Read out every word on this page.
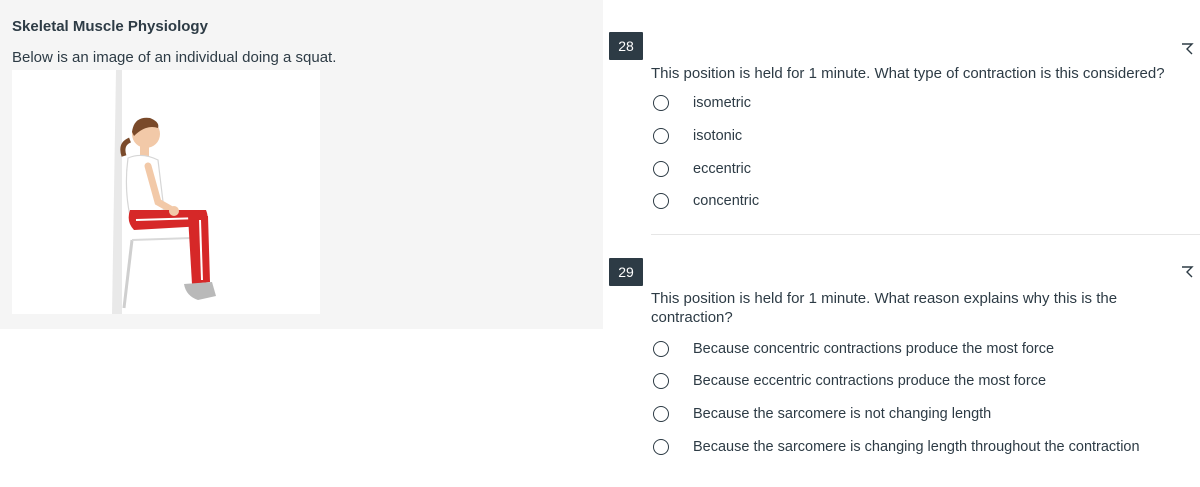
Skeletal Muscle Physiology
Below is an image of an individual doing a squat.
28
This position is held for 1 minute. What type of contraction is this considered?
isometric
isotonic
eccentric
concentric
29
This position is held for 1 minute. What reason explains why this is the contraction?
Because concentric contractions produce the most force
Because eccentric contractions produce the most force
Because the sarcomere is not changing length
Because the sarcomere is changing length throughout the contraction
